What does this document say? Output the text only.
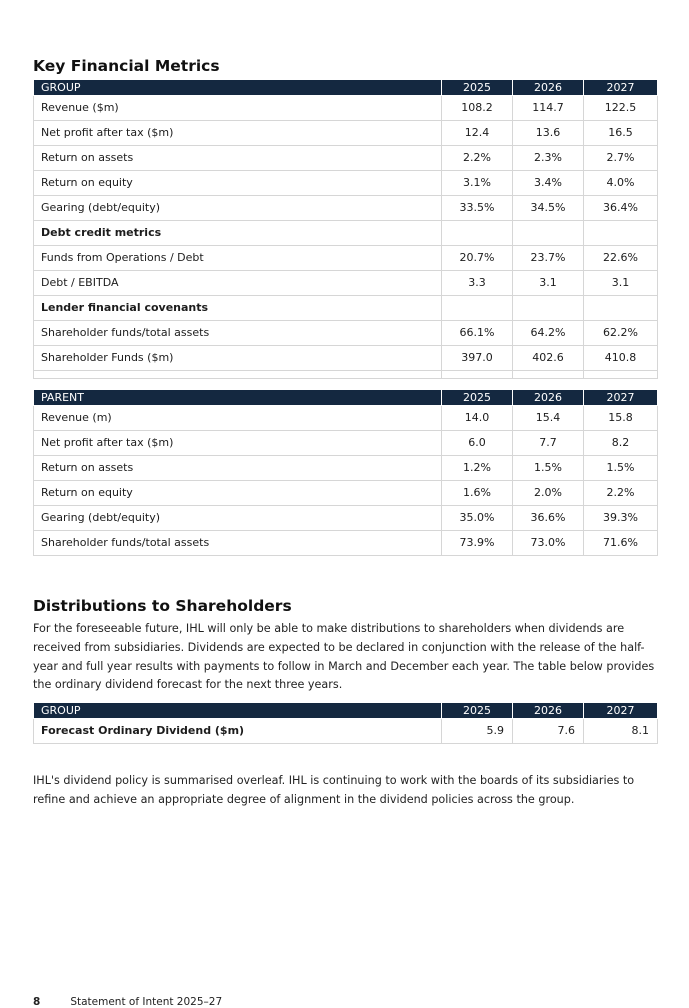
Key Financial Metrics
GROUP	2025	2026	2027
Revenue ($m)	108.2	114.7	122.5
Net profit after tax ($m)	12.4	13.6	16.5
Return on assets	2.2%	2.3%	2.7%
Return on equity	3.1%	3.4%	4.0%
Gearing (debt/equity)	33.5%	34.5%	36.4%
Debt credit metrics			
Funds from Operations / Debt	20.7%	23.7%	22.6%
Debt / EBITDA	3.3	3.1	3.1
Lender financial covenants			
Shareholder funds/total assets	66.1%	64.2%	62.2%
Shareholder Funds ($m)	397.0	402.6	410.8

PARENT	2025	2026	2027
Revenue (m)	14.0	15.4	15.8
Net profit after tax ($m)	6.0	7.7	8.2
Return on assets	1.2%	1.5%	1.5%
Return on equity	1.6%	2.0%	2.2%
Gearing (debt/equity)	35.0%	36.6%	39.3%
Shareholder funds/total assets	73.9%	73.0%	71.6%
Distributions to Shareholders

For the foreseeable future, IHL will only be able to make distributions to shareholders when dividends are received from subsidiaries. Dividends are expected to be declared in conjunction with the release of the half-year and full year results with payments to follow in March and December each year. The table below provides the ordinary dividend forecast for the next three years.

GROUP	2025	2026	2027
Forecast Ordinary Dividend ($m)	5.9	7.6	8.1

IHL's dividend policy is summarised overleaf. IHL is continuing to work with the boards of its subsidiaries to refine and achieve an appropriate degree of alignment in the dividend policies across the group.

8	Statement of Intent 2025–27
